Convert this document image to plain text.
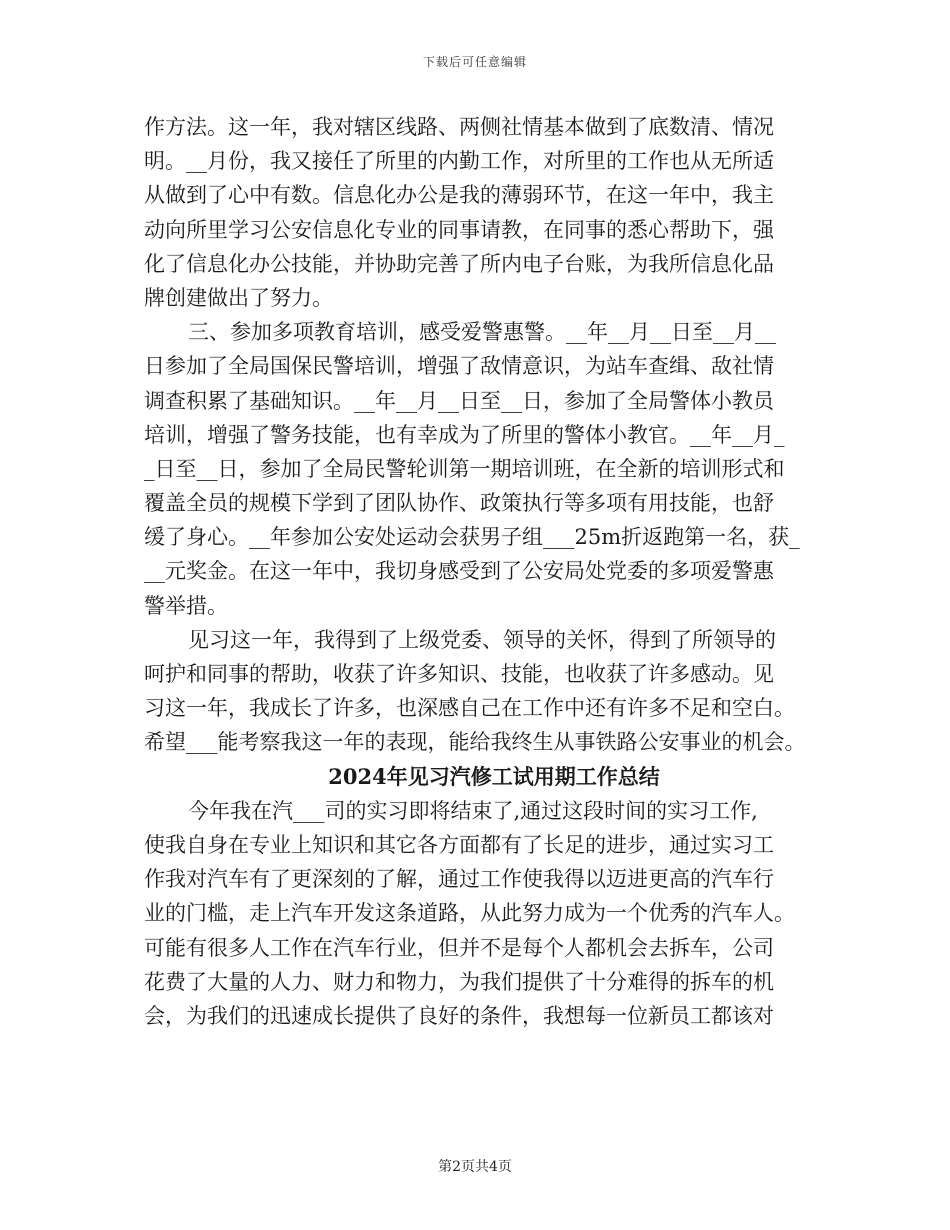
下载后可任意编辑
作方法。这一年，我对辖区线路、两侧社情基本做到了底数清、情况
明。__月份，我又接任了所里的内勤工作，对所里的工作也从无所适
从做到了心中有数。信息化办公是我的薄弱环节，在这一年中，我主
动向所里学习公安信息化专业的同事请教，在同事的悉心帮助下，强
化了信息化办公技能，并协助完善了所内电子台账，为我所信息化品
牌创建做出了努力。
三、参加多项教育培训，感受爱警惠警。__年__月__日至__月__
日参加了全局国保民警培训，增强了敌情意识，为站车查缉、敌社情
调查积累了基础知识。__年__月__日至__日，参加了全局警体小教员
培训，增强了警务技能，也有幸成为了所里的警体小教官。__年__月_
_日至__日，参加了全局民警轮训第一期培训班，在全新的培训形式和
覆盖全员的规模下学到了团队协作、政策执行等多项有用技能，也舒
缓了身心。__年参加公安处运动会获男子组___25m折返跑第一名，获_
__元奖金。在这一年中，我切身感受到了公安局处党委的多项爱警惠
警举措。
见习这一年，我得到了上级党委、领导的关怀，得到了所领导的
呵护和同事的帮助，收获了许多知识、技能，也收获了许多感动。见
习这一年，我成长了许多，也深感自己在工作中还有许多不足和空白。
希望___能考察我这一年的表现，能给我终生从事铁路公安事业的机会。
2024年见习汽修工试用期工作总结
今年我在汽___司的实习即将结束了,通过这段时间的实习工作,
使我自身在专业上知识和其它各方面都有了长足的进步，通过实习工
作我对汽车有了更深刻的了解，通过工作使我得以迈进更高的汽车行
业的门槛，走上汽车开发这条道路，从此努力成为一个优秀的汽车人。
可能有很多人工作在汽车行业，但并不是每个人都机会去拆车，公司
花费了大量的人力、财力和物力，为我们提供了十分难得的拆车的机
会，为我们的迅速成长提供了良好的条件，我想每一位新员工都该对
第2页共4页
